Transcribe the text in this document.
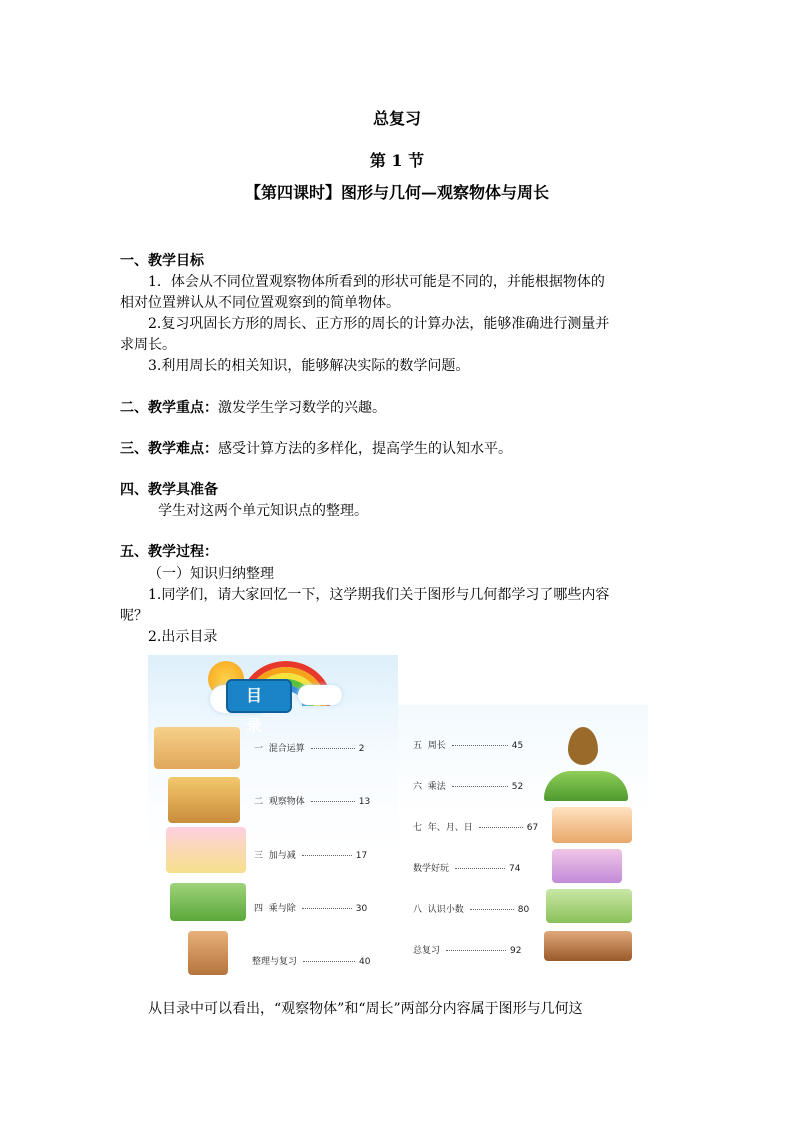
总复习
第 1 节
【第四课时】图形与几何—观察物体与周长
一、教学目标
1．体会从不同位置观察物体所看到的形状可能是不同的，并能根据物体的
相对位置辨认从不同位置观察到的简单物体。
2.复习巩固长方形的周长、正方形的周长的计算办法，能够准确进行测量并
求周长。
3.利用周长的相关知识，能够解决实际的数学问题。
二、教学重点：激发学生学习数学的兴趣。
三、教学难点：感受计算方法的多样化，提高学生的认知水平。
四、教学具准备
学生对这两个单元知识点的整理。
五、教学过程：
（一）知识归纳整理
1.同学们，请大家回忆一下，这学期我们关于图形与几何都学习了哪些内容
呢？
2.出示目录
目 录
一 混合运算	2
二 观察物体	13
三 加与减	17
四 乘与除	30
整理与复习	40
五 周长	45
六 乘法	52
七 年、月、日	67
数学好玩	74
八 认识小数	80
总复习	92
从目录中可以看出，“观察物体”和“周长”两部分内容属于图形与几何这
